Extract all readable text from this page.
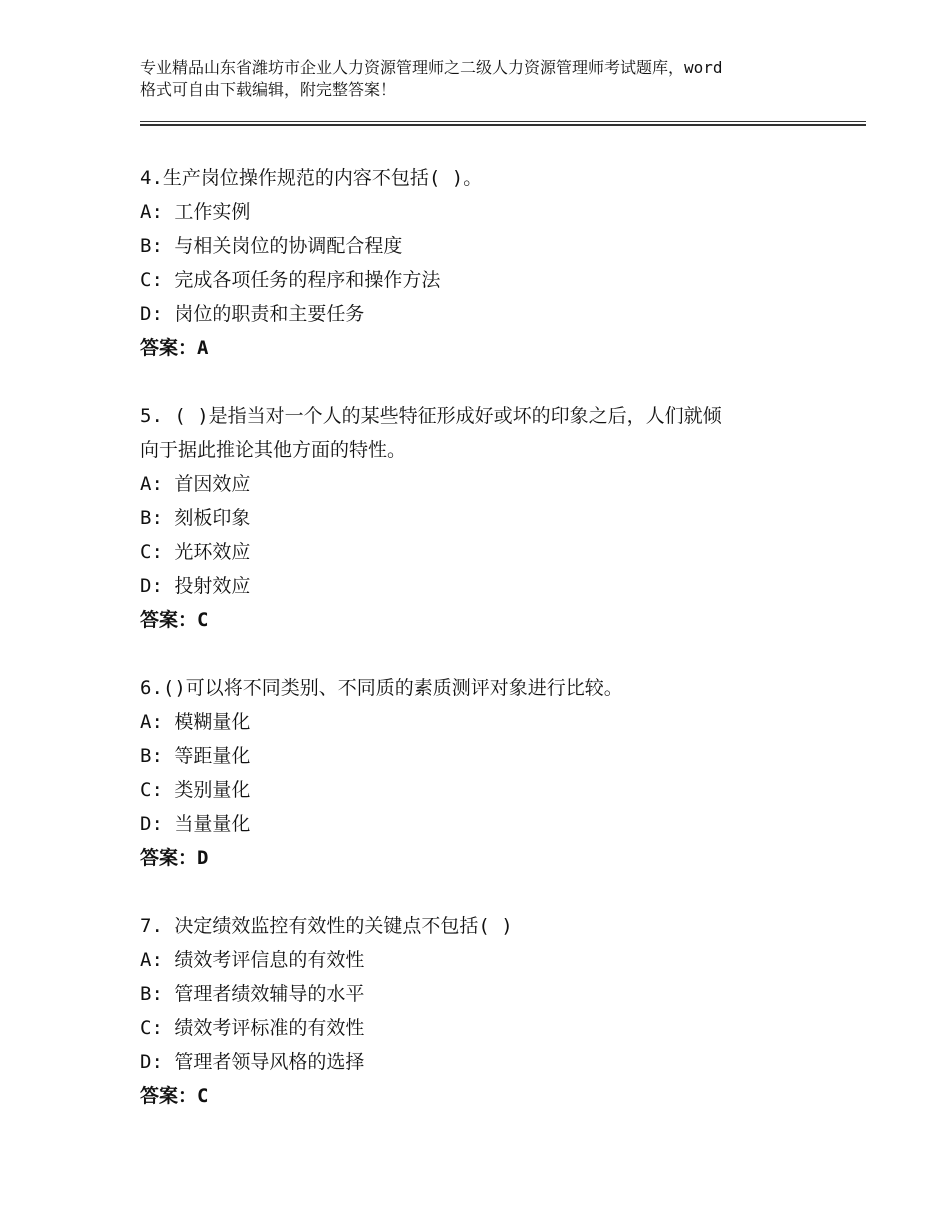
专业精品山东省潍坊市企业人力资源管理师之二级人力资源管理师考试题库，word
格式可自由下载编辑，附完整答案！
4.生产岗位操作规范的内容不包括( )。
A: 工作实例
B: 与相关岗位的协调配合程度
C: 完成各项任务的程序和操作方法
D: 岗位的职责和主要任务
答案：A
5. ( )是指当对一个人的某些特征形成好或坏的印象之后，人们就倾
向于据此推论其他方面的特性。
A: 首因效应
B: 刻板印象
C: 光环效应
D: 投射效应
答案：C
6.()可以将不同类别、不同质的素质测评对象进行比较。
A: 模糊量化
B: 等距量化
C: 类别量化
D: 当量量化
答案：D
7. 决定绩效监控有效性的关键点不包括( )
A: 绩效考评信息的有效性
B: 管理者绩效辅导的水平
C: 绩效考评标准的有效性
D: 管理者领导风格的选择
答案：C
